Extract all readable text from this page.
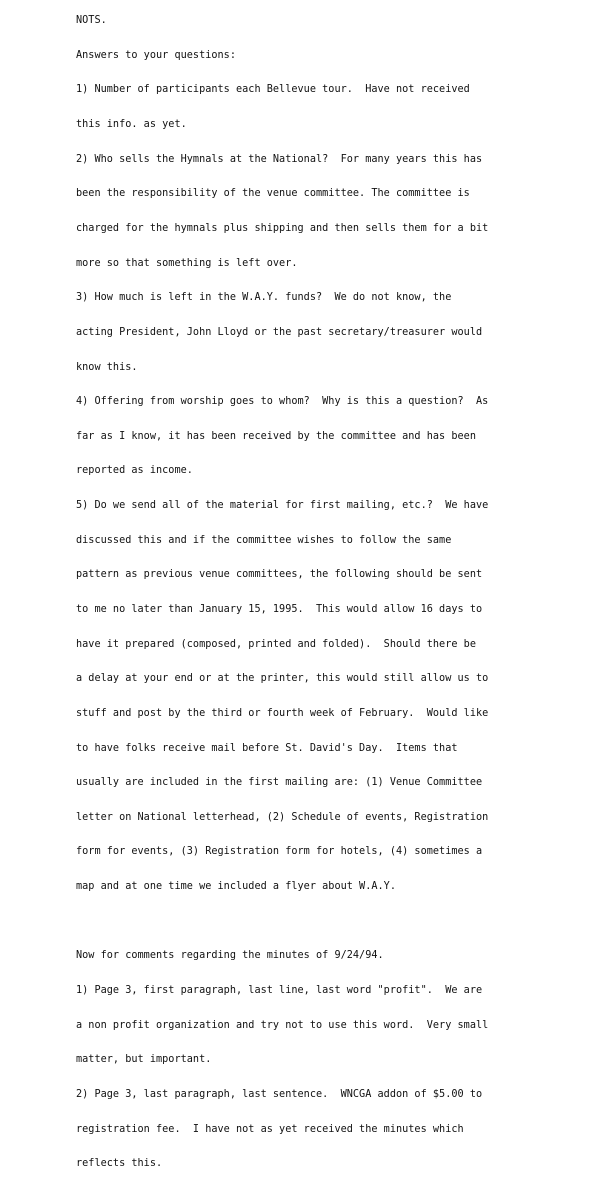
NOTS.

Answers to your questions:

1) Number of participants each Bellevue tour.  Have not received

this info. as yet.

2) Who sells the Hymnals at the National?  For many years this has

been the responsibility of the venue committee. The committee is

charged for the hymnals plus shipping and then sells them for a bit

more so that something is left over.

3) How much is left in the W.A.Y. funds?  We do not know, the

acting President, John Lloyd or the past secretary/treasurer would

know this.

4) Offering from worship goes to whom?  Why is this a question?  As

far as I know, it has been received by the committee and has been

reported as income.

5) Do we send all of the material for first mailing, etc.?  We have

discussed this and if the committee wishes to follow the same

pattern as previous venue committees, the following should be sent

to me no later than January 15, 1995.  This would allow 16 days to

have it prepared (composed, printed and folded).  Should there be

a delay at your end or at the printer, this would still allow us to

stuff and post by the third or fourth week of February.  Would like

to have folks receive mail before St. David's Day.  Items that

usually are included in the first mailing are: (1) Venue Committee

letter on National letterhead, (2) Schedule of events, Registration

form for events, (3) Registration form for hotels, (4) sometimes a

map and at one time we included a flyer about W.A.Y.

Now for comments regarding the minutes of 9/24/94.

1) Page 3, first paragraph, last line, last word "profit".  We are

a non profit organization and try not to use this word.  Very small

matter, but important.

2) Page 3, last paragraph, last sentence.  WNCGA addon of $5.00 to

registration fee.  I have not as yet received the minutes which

reflects this.
